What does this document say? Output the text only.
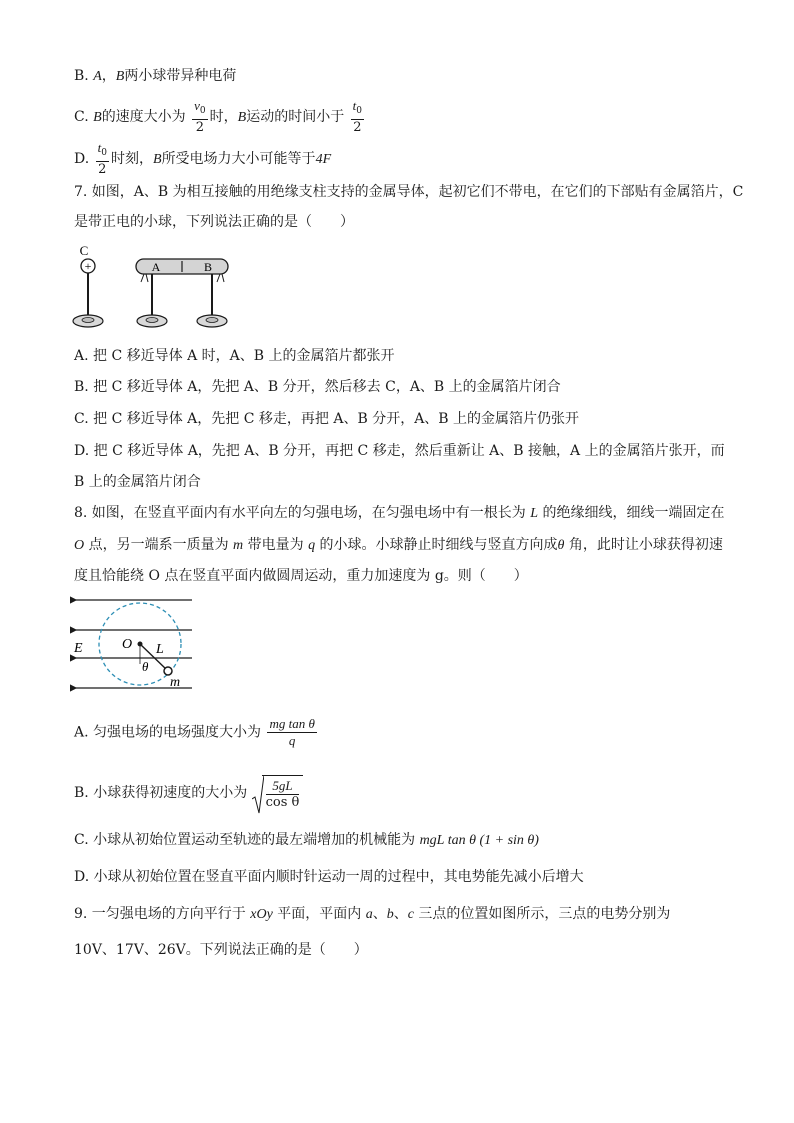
B. A，B两小球带异种电荷
C. B的速度大小为 $\frac{v_0}{2}$ 时，B运动的时间小于 $\frac{t_0}{2}$
D. $\frac{t_0}{2}$ 时刻，B所受电场力大小可能等于4F
7. 如图，A、B 为相互接触的用绝缘支柱支持的金属导体，起初它们不带电，在它们的下部贴有金属箔片，C
是带正电的小球，下列说法正确的是（　　）
C
+	A	B
A. 把 C 移近导体 A 时，A、B 上的金属箔片都张开
B. 把 C 移近导体 A，先把 A、B 分开，然后移去 C，A、B 上的金属箔片闭合
C. 把 C 移近导体 A，先把 C 移走，再把 A、B 分开，A、B 上的金属箔片仍张开
D. 把 C 移近导体 A，先把 A、B 分开，再把 C 移走，然后重新让 A、B 接触，A 上的金属箔片张开，而
B 上的金属箔片闭合
8. 如图，在竖直平面内有水平向左的匀强电场，在匀强电场中有一根长为 L 的绝缘细线，细线一端固定在
O 点，另一端系一质量为 m 带电量为 q 的小球。小球静止时细线与竖直方向成θ 角，此时让小球获得初速
度且恰能绕 O 点在竖直平面内做圆周运动，重力加速度为 g。则（　　）
E	O L
θ
m
A. 匀强电场的电场强度大小为 $\frac{\text{mg tan θ}}{q}$
B. 小球获得初速度的大小为 $\frac{5gL}{\text{cos θ}}$
C. 小球从初始位置运动至轨迹的最左端增加的机械能为 mgL tan θ (1 + sin θ)
D. 小球从初始位置在竖直平面内顺时针运动一周的过程中，其电势能先减小后增大
9. 一匀强电场的方向平行于 xOy 平面，平面内 a、b、c 三点的位置如图所示，三点的电势分别为
10V、17V、26V。下列说法正确的是（　　）
